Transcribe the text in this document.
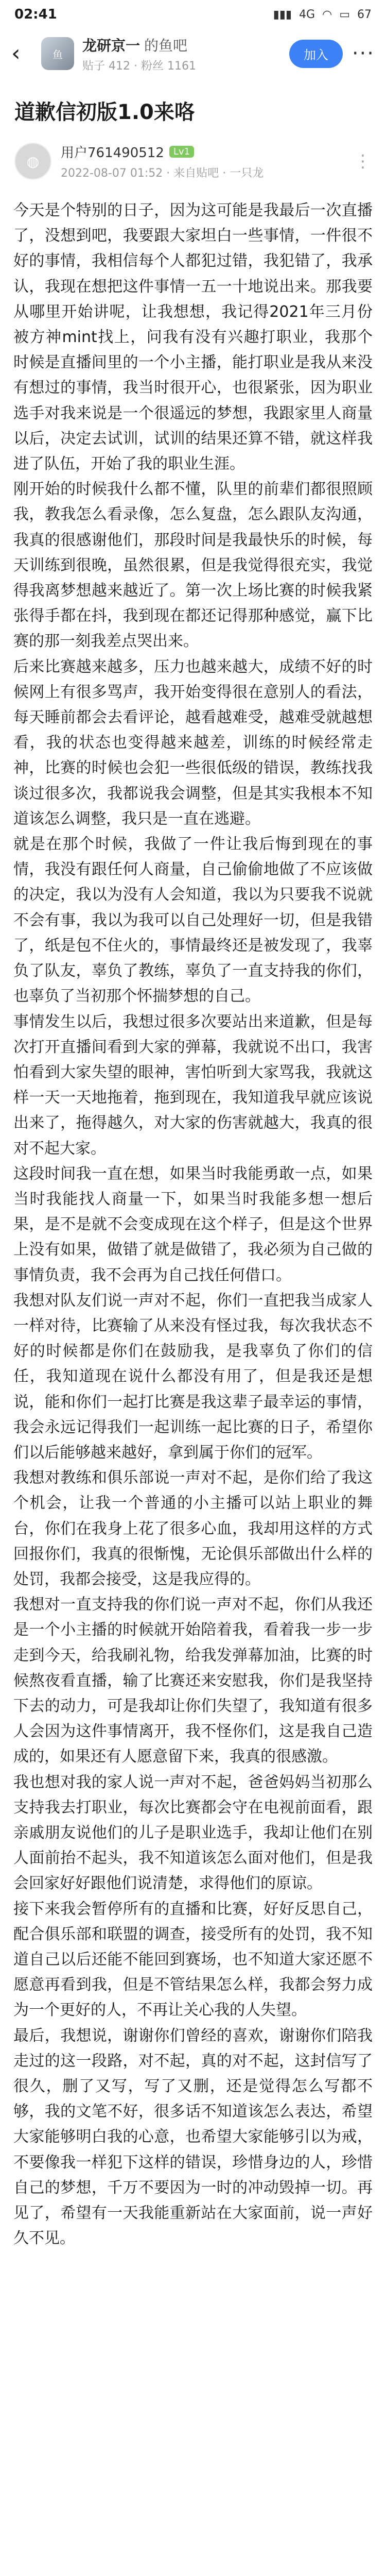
02:41	▮▮▮ 4G ◠ ▭ 67
‹	鱼
龙研京一 的鱼吧
贴子 412 · 粉丝 1161
加入	···
道歉信初版1.0来咯
◍	用户761490512	Lv1
2022-08-07 01:52 · 来自贴吧 · 一只龙
⋮

今天是个特别的日子，因为这可能是我最后一次直播了，没想到吧，我要跟大家坦白一些事情，一件很不好的事情，我相信每个人都犯过错，我犯错了，我承认，我现在想把这件事情一五一十地说出来。那我要从哪里开始讲呢，让我想想，我记得2021年三月份被方神mint找上，问我有没有兴趣打职业，我那个时候是直播间里的一个小主播，能打职业是我从来没有想过的事情，我当时很开心，也很紧张，因为职业选手对我来说是一个很遥远的梦想，我跟家里人商量以后，决定去试训，试训的结果还算不错，就这样我进了队伍，开始了我的职业生涯。

刚开始的时候我什么都不懂，队里的前辈们都很照顾我，教我怎么看录像，怎么复盘，怎么跟队友沟通，我真的很感谢他们，那段时间是我最快乐的时候，每天训练到很晚，虽然很累，但是我觉得很充实，我觉得我离梦想越来越近了。第一次上场比赛的时候我紧张得手都在抖，我到现在都还记得那种感觉，赢下比赛的那一刻我差点哭出来。

后来比赛越来越多，压力也越来越大，成绩不好的时候网上有很多骂声，我开始变得很在意别人的看法，每天睡前都会去看评论，越看越难受，越难受就越想看，我的状态也变得越来越差，训练的时候经常走神，比赛的时候也会犯一些很低级的错误，教练找我谈过很多次，我都说我会调整，但是其实我根本不知道该怎么调整，我只是一直在逃避。

就是在那个时候，我做了一件让我后悔到现在的事情，我没有跟任何人商量，自己偷偷地做了不应该做的决定，我以为没有人会知道，我以为只要我不说就不会有事，我以为我可以自己处理好一切，但是我错了，纸是包不住火的，事情最终还是被发现了，我辜负了队友，辜负了教练，辜负了一直支持我的你们，也辜负了当初那个怀揣梦想的自己。

事情发生以后，我想过很多次要站出来道歉，但是每次打开直播间看到大家的弹幕，我就说不出口，我害怕看到大家失望的眼神，害怕听到大家骂我，我就这样一天一天地拖着，拖到现在，我知道我早就应该说出来了，拖得越久，对大家的伤害就越大，我真的很对不起大家。

这段时间我一直在想，如果当时我能勇敢一点，如果当时我能找人商量一下，如果当时我能多想一想后果，是不是就不会变成现在这个样子，但是这个世界上没有如果，做错了就是做错了，我必须为自己做的事情负责，我不会再为自己找任何借口。

我想对队友们说一声对不起，你们一直把我当成家人一样对待，比赛输了从来没有怪过我，每次我状态不好的时候都是你们在鼓励我，是我辜负了你们的信任，我知道现在说什么都没有用了，但是我还是想说，能和你们一起打比赛是我这辈子最幸运的事情，我会永远记得我们一起训练一起比赛的日子，希望你们以后能够越来越好，拿到属于你们的冠军。

我想对教练和俱乐部说一声对不起，是你们给了我这个机会，让我一个普通的小主播可以站上职业的舞台，你们在我身上花了很多心血，我却用这样的方式回报你们，我真的很惭愧，无论俱乐部做出什么样的处罚，我都会接受，这是我应得的。

我想对一直支持我的你们说一声对不起，你们从我还是一个小主播的时候就开始陪着我，看着我一步一步走到今天，给我刷礼物，给我发弹幕加油，比赛的时候熬夜看直播，输了比赛还来安慰我，你们是我坚持下去的动力，可是我却让你们失望了，我知道有很多人会因为这件事情离开，我不怪你们，这是我自己造成的，如果还有人愿意留下来，我真的很感激。

我也想对我的家人说一声对不起，爸爸妈妈当初那么支持我去打职业，每次比赛都会守在电视前面看，跟亲戚朋友说他们的儿子是职业选手，我却让他们在别人面前抬不起头，我不知道该怎么面对他们，但是我会回家好好跟他们说清楚，求得他们的原谅。

接下来我会暂停所有的直播和比赛，好好反思自己，配合俱乐部和联盟的调查，接受所有的处罚，我不知道自己以后还能不能回到赛场，也不知道大家还愿不愿意再看到我，但是不管结果怎么样，我都会努力成为一个更好的人，不再让关心我的人失望。

最后，我想说，谢谢你们曾经的喜欢，谢谢你们陪我走过的这一段路，对不起，真的对不起，这封信写了很久，删了又写，写了又删，还是觉得怎么写都不够，我的文笔不好，很多话不知道该怎么表达，希望大家能够明白我的心意，也希望大家能够引以为戒，不要像我一样犯下这样的错误，珍惜身边的人，珍惜自己的梦想，千万不要因为一时的冲动毁掉一切。再见了，希望有一天我能重新站在大家面前，说一声好久不见。
